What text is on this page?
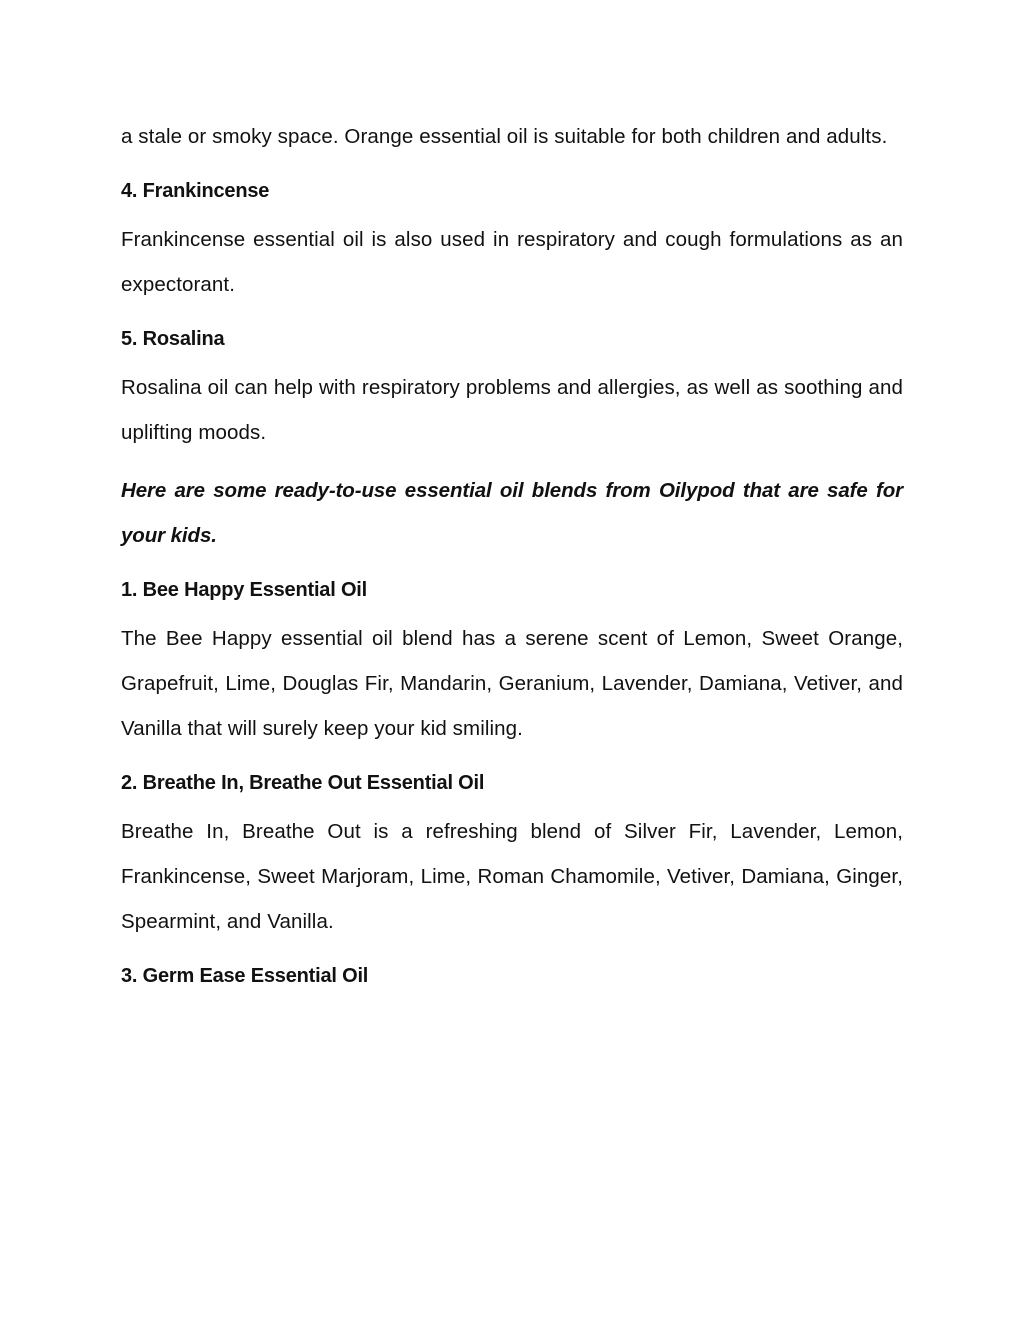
a stale or smoky space. Orange essential oil is suitable for both children and adults.

4. Frankincense

Frankincense essential oil is also used in respiratory and cough formulations as an expectorant.

5. Rosalina

Rosalina oil can help with respiratory problems and allergies, as well as soothing and uplifting moods.

Here are some ready-to-use essential oil blends from Oilypod that are safe for your kids.

1. Bee Happy Essential Oil

The Bee Happy essential oil blend has a serene scent of Lemon, Sweet Orange, Grapefruit, Lime, Douglas Fir, Mandarin, Geranium, Lavender, Damiana, Vetiver, and Vanilla that will surely keep your kid smiling.

2. Breathe In, Breathe Out Essential Oil

Breathe In, Breathe Out is a refreshing blend of Silver Fir, Lavender, Lemon, Frankincense, Sweet Marjoram, Lime, Roman Chamomile, Vetiver, Damiana, Ginger, Spearmint, and Vanilla.

3. Germ Ease Essential Oil
